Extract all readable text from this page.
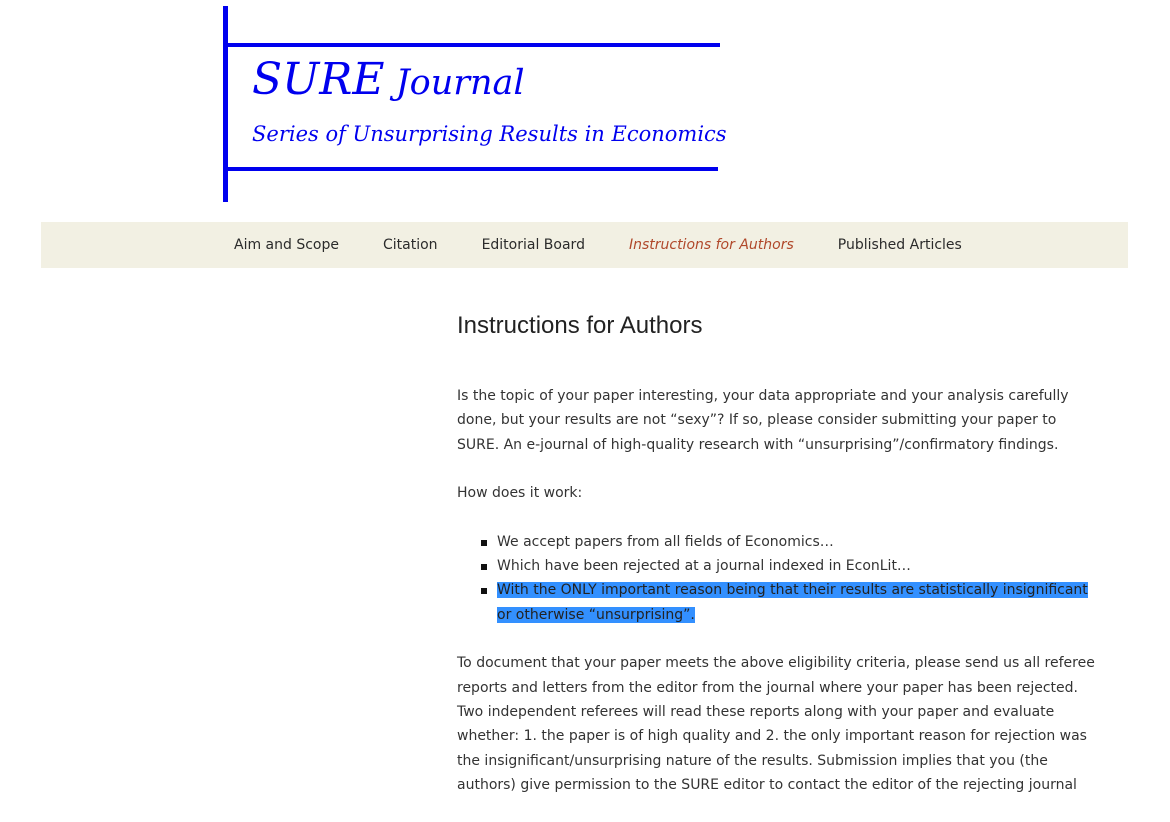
SURE Journal

Series of Unsurprising Results in Economics

Aim and Scope	Citation	Editorial Board	Instructions for Authors	Published Articles
Instructions for Authors

Is the topic of your paper interesting, your data appropriate and your analysis carefully done, but your results are not “sexy”? If so, please consider submitting your paper to SURE. An e-journal of high-quality research with “unsurprising”/confirmatory findings.

How does it work:

We accept papers from all fields of Economics…
Which have been rejected at a journal indexed in EconLit…
With the ONLY important reason being that their results are statistically insignificant or otherwise “unsurprising”.

To document that your paper meets the above eligibility criteria, please send us all referee reports and letters from the editor from the journal where your paper has been rejected. Two independent referees will read these reports along with your paper and evaluate whether: 1. the paper is of high quality and 2. the only important reason for rejection was the insignificant/unsurprising nature of the results. Submission implies that you (the authors) give permission to the SURE editor to contact the editor of the rejecting journal
